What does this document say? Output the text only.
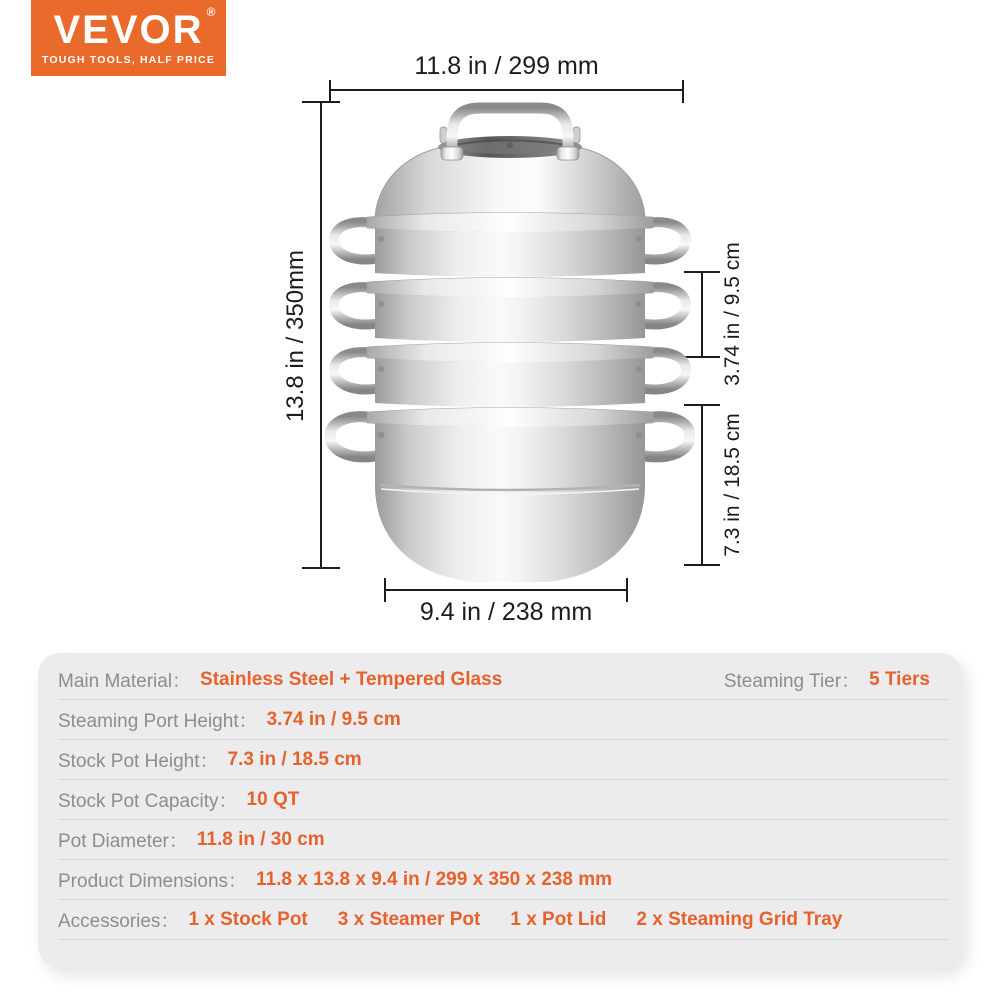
VEVOR ®
TOUGH TOOLS, HALF PRICE	11.8 in / 299 mm
13.8 in / 350mm	3.74 in / 9.5 cm
7.3 in / 18.5 cm
9.4 in / 238 mm
Main Material： Stainless Steel + Tempered Glass	Steaming Tier： 5 Tiers
Steaming Port Height： 3.74 in / 9.5 cm
Stock Pot Height： 7.3 in / 18.5 cm
Stock Pot Capacity： 10 QT
Pot Diameter： 11.8 in / 30 cm
Product Dimensions： 11.8 x 13.8 x 9.4 in / 299 x 350 x 238 mm
Accessories： 1 x Stock Pot 3 x Steamer Pot 1 x Pot Lid 2 x Steaming Grid Tray
